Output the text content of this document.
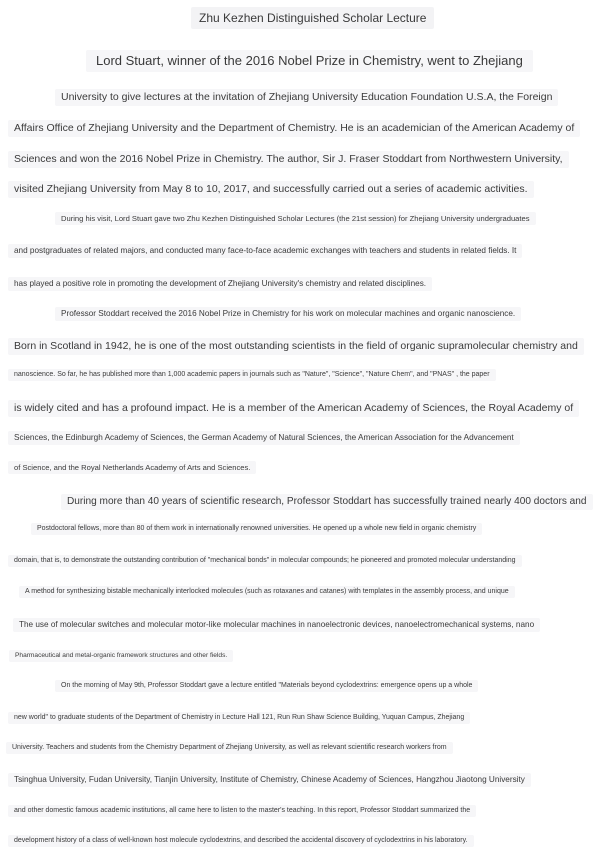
Zhu Kezhen Distinguished Scholar Lecture
Lord Stuart, winner of the 2016 Nobel Prize in Chemistry, went to Zhejiang
University to give lectures at the invitation of Zhejiang University Education Foundation U.S.A, the Foreign
Affairs Office of Zhejiang University and the Department of Chemistry. He is an academician of the American Academy of
Sciences and won the 2016 Nobel Prize in Chemistry. The author, Sir J. Fraser Stoddart from Northwestern University,
visited Zhejiang University from May 8 to 10, 2017, and successfully carried out a series of academic activities.
During his visit, Lord Stuart gave two Zhu Kezhen Distinguished Scholar Lectures (the 21st session) for Zhejiang University undergraduates
and postgraduates of related majors, and conducted many face-to-face academic exchanges with teachers and students in related fields. It
has played a positive role in promoting the development of Zhejiang University's chemistry and related disciplines.
Professor Stoddart received the 2016 Nobel Prize in Chemistry for his work on molecular machines and organic nanoscience.
Born in Scotland in 1942, he is one of the most outstanding scientists in the field of organic supramolecular chemistry and
nanoscience. So far, he has published more than 1,000 academic papers in journals such as "Nature", "Science", "Nature Chem", and "PNAS" , the paper
is widely cited and has a profound impact. He is a member of the American Academy of Sciences, the Royal Academy of
Sciences, the Edinburgh Academy of Sciences, the German Academy of Natural Sciences, the American Association for the Advancement
of Science, and the Royal Netherlands Academy of Arts and Sciences.
During more than 40 years of scientific research, Professor Stoddart has successfully trained nearly 400 doctors and
Postdoctoral fellows, more than 80 of them work in internationally renowned universities. He opened up a whole new field in organic chemistry
domain, that is, to demonstrate the outstanding contribution of "mechanical bonds" in molecular compounds; he pioneered and promoted molecular understanding
A method for synthesizing bistable mechanically interlocked molecules (such as rotaxanes and catanes) with templates in the assembly process, and unique
The use of molecular switches and molecular motor-like molecular machines in nanoelectronic devices, nanoelectromechanical systems, nano
Pharmaceutical and metal-organic framework structures and other fields.
On the morning of May 9th, Professor Stoddart gave a lecture entitled "Materials beyond cyclodextrins: emergence opens up a whole
new world" to graduate students of the Department of Chemistry in Lecture Hall 121, Run Run Shaw Science Building, Yuquan Campus, Zhejiang
University. Teachers and students from the Chemistry Department of Zhejiang University, as well as relevant scientific research workers from
Tsinghua University, Fudan University, Tianjin University, Institute of Chemistry, Chinese Academy of Sciences, Hangzhou Jiaotong University
and other domestic famous academic institutions, all came here to listen to the master's teaching. In this report, Professor Stoddart summarized the
development history of a class of well-known host molecule cyclodextrins, and described the accidental discovery of cyclodextrins in his laboratory.
